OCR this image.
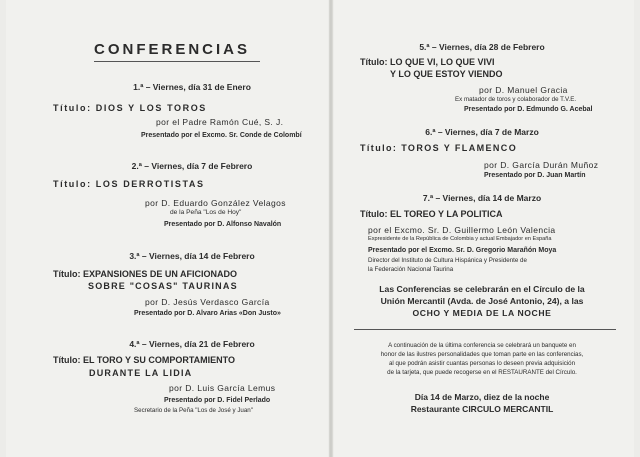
CONFERENCIAS
1.ª – Viernes, día 31 de Enero
Título: DIOS Y LOS TOROS
por el Padre Ramón Cué, S. J.
Presentado por el Excmo. Sr. Conde de Colombí
2.ª – Viernes, día 7 de Febrero
Título: LOS DERROTISTAS
por D. Eduardo González Velagos
de la Peña "Los de Hoy"
Presentado por D. Alfonso Navalón
3.ª – Viernes, día 14 de Febrero
Título: EXPANSIONES DE UN AFICIONADO
SOBRE "COSAS" TAURINAS
por D. Jesús Verdasco García
Presentado por D. Alvaro Arias «Don Justo»
4.ª – Viernes, día 21 de Febrero
Título: EL TORO Y SU COMPORTAMIENTO
DURANTE LA LIDIA
por D. Luis García Lemus
Presentado por D. Fidel Perlado
Secretario de la Peña "Los de José y Juan"
5.ª – Viernes, día 28 de Febrero
Título: LO QUE VI, LO QUE VIVI
Y LO QUE ESTOY VIENDO
por D. Manuel Gracia
Ex matador de toros y colaborador de T.V.E.
Presentado por D. Edmundo G. Acebal
6.ª – Viernes, día 7 de Marzo
Título: TOROS Y FLAMENCO
por D. García Durán Muñoz
Presentado por D. Juan Martín
7.ª – Viernes, día 14 de Marzo
Título: EL TOREO Y LA POLITICA
por el Excmo. Sr. D. Guillermo León Valencia
Expresidente de la República de Colombia y actual Embajador en España
Presentado por el Excmo. Sr. D. Gregorio Marañón Moya
Director del Instituto de Cultura Hispánica y Presidente de
la Federación Nacional Taurina
Las Conferencias se celebrarán en el Círculo de la
Unión Mercantil (Avda. de José Antonio, 24), a las
OCHO Y MEDIA DE LA NOCHE
A continuación de la última conferencia se celebrará un banquete en
honor de las ilustres personalidades que toman parte en las conferencias,
al que podrán asistir cuantas personas lo deseen previa adquisición
de la tarjeta, que puede recogerse en el RESTAURANTE del Círculo.
Día 14 de Marzo, diez de la noche
Restaurante CIRCULO MERCANTIL
